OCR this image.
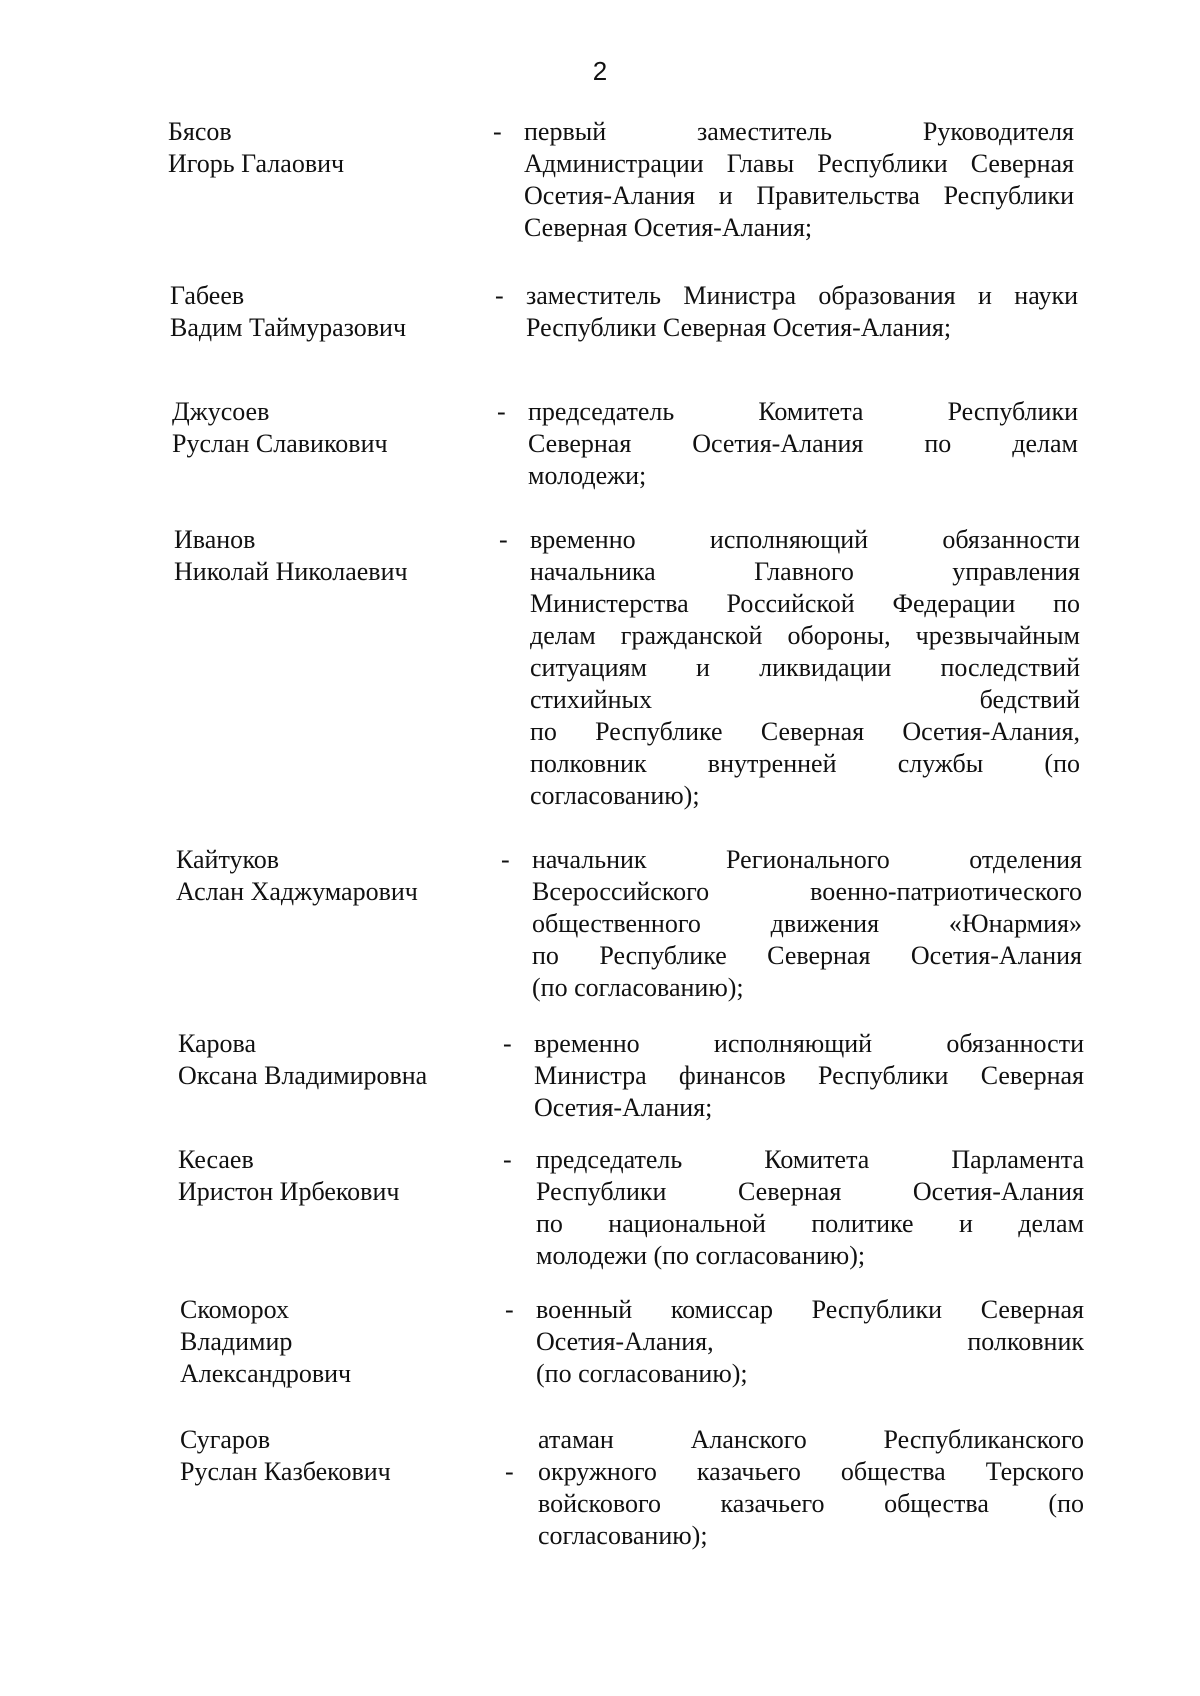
2
Бясов
Игорь Галаович
- первый заместитель Руководителя
Администрации Главы Республики Северная
Осетия-Алания и Правительства Республики
Северная Осетия-Алания;
Габеев
Вадим Таймуразович
- заместитель Министра образования и науки
Республики Северная Осетия-Алания;
Джусоев
Руслан Славикович
- председатель Комитета Республики
Северная Осетия-Алания по делам
молодежи;
Иванов
Николай Николаевич
- временно исполняющий обязанности
начальника Главного управления
Министерства Российской Федерации по
делам гражданской обороны, чрезвычайным
ситуациям и ликвидации последствий
стихийных бедствий
по Республике Северная Осетия-Алания,
полковник внутренней службы (по
согласованию);
Кайтуков
Аслан Хаджумарович
- начальник Регионального отделения
Всероссийского военно-патриотического
общественного движения «Юнармия»
по Республике Северная Осетия-Алания
(по согласованию);
Карова
Оксана Владимировна
- временно исполняющий обязанности
Министра финансов Республики Северная
Осетия-Алания;
Кесаев
Иристон Ирбекович
- председатель Комитета Парламента
Республики Северная Осетия-Алания
по национальной политике и делам
молодежи (по согласованию);
Скоморох
Владимир
Александрович
- военный комиссар Республики Северная
Осетия-Алания, полковник
(по согласованию);
Сугаров
Руслан Казбекович	-
атаман Аланского Республиканского
окружного казачьего общества Терского
войскового казачьего общества (по
согласованию);
